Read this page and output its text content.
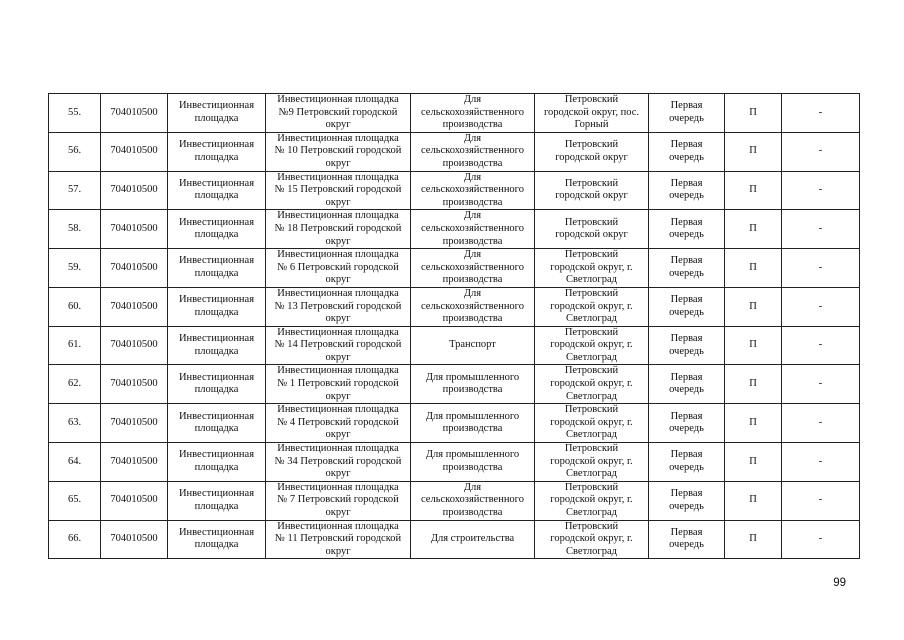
55.	704010500	Инвестиционная
площадка	Инвестиционная площадка
№9 Петровский городской
округ	Для
сельскохозяйственного
производства	Петровский
городской округ, пос.
Горный	Первая
очередь	П	-
56.	704010500	Инвестиционная
площадка	Инвестиционная площадка
№ 10 Петровский городской
округ	Для
сельскохозяйственного
производства	Петровский
городской округ	Первая
очередь	П	-
57.	704010500	Инвестиционная
площадка	Инвестиционная площадка
№ 15 Петровский городской
округ	Для
сельскохозяйственного
производства	Петровский
городской округ	Первая
очередь	П	-
58.	704010500	Инвестиционная
площадка	Инвестиционная площадка
№ 18 Петровский городской
округ	Для
сельскохозяйственного
производства	Петровский
городской округ	Первая
очередь	П	-
59.	704010500	Инвестиционная
площадка	Инвестиционная площадка
№ 6 Петровский городской
округ	Для
сельскохозяйственного
производства	Петровский
городской округ, г.
Светлоград	Первая
очередь	П	-
60.	704010500	Инвестиционная
площадка	Инвестиционная площадка
№ 13 Петровский городской
округ	Для
сельскохозяйственного
производства	Петровский
городской округ, г.
Светлоград	Первая
очередь	П	-
61.	704010500	Инвестиционная
площадка	Инвестиционная площадка
№ 14 Петровский городской
округ	Транспорт	Петровский
городской округ, г.
Светлоград	Первая
очередь	П	-
62.	704010500	Инвестиционная
площадка	Инвестиционная площадка
№ 1 Петровский городской
округ	Для промышленного
производства	Петровский
городской округ, г.
Светлоград	Первая
очередь	П	-
63.	704010500	Инвестиционная
площадка	Инвестиционная площадка
№ 4 Петровский городской
округ	Для промышленного
производства	Петровский
городской округ, г.
Светлоград	Первая
очередь	П	-
64.	704010500	Инвестиционная
площадка	Инвестиционная площадка
№ 34 Петровский городской
округ	Для промышленного
производства	Петровский
городской округ, г.
Светлоград	Первая
очередь	П	-
65.	704010500	Инвестиционная
площадка	Инвестиционная площадка
№ 7 Петровский городской
округ	Для
сельскохозяйственного
производства	Петровский
городской округ, г.
Светлоград	Первая
очередь	П	-
66.	704010500	Инвестиционная
площадка	Инвестиционная площадка
№ 11 Петровский городской
округ	Для строительства	Петровский
городской округ, г.
Светлоград	Первая
очередь	П	-
99
